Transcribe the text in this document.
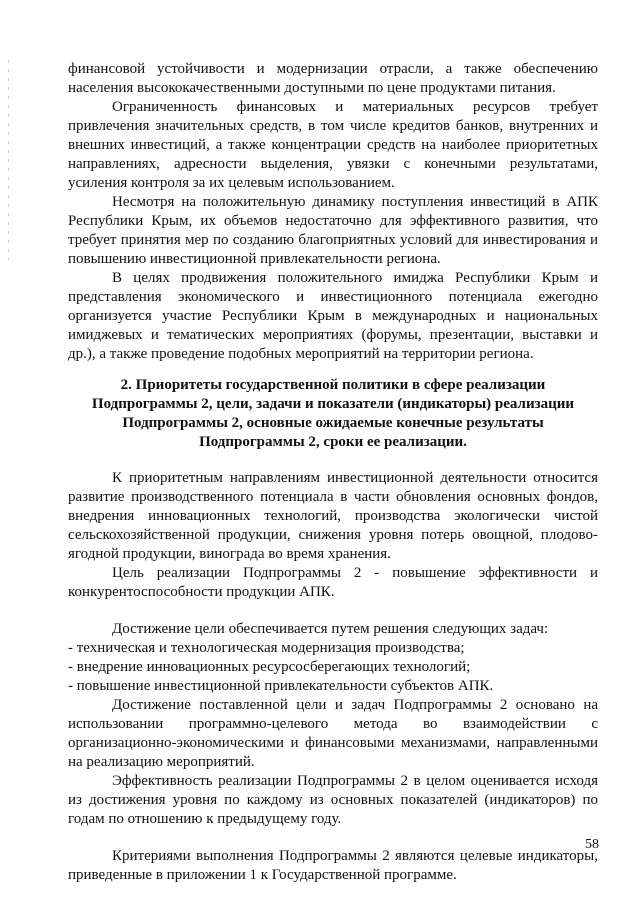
финансовой устойчивости и модернизации отрасли, а также обеспечению населения высококачественными доступными по цене продуктами питания.

Ограниченность финансовых и материальных ресурсов требует привлечения значительных средств, в том числе кредитов банков, внутренних и внешних инвестиций, а также концентрации средств на наиболее приоритетных направлениях, адресности выделения, увязки с конечными результатами, усиления контроля за их целевым использованием.

Несмотря на положительную динамику поступления инвестиций в АПК Республики Крым, их объемов недостаточно для эффективного развития, что требует принятия мер по созданию благоприятных условий для инвестирования и повышению инвестиционной привлекательности региона.

В целях продвижения положительного имиджа Республики Крым и представления экономического и инвестиционного потенциала ежегодно организуется участие Республики Крым в международных и национальных имиджевых и тематических мероприятиях (форумы, презентации, выставки и др.), а также проведение подобных мероприятий на территории региона.

2. Приоритеты государственной политики в сфере реализации Подпрограммы 2, цели, задачи и показатели (индикаторы) реализации Подпрограммы 2, основные ожидаемые конечные результаты Подпрограммы 2, сроки ее реализации.

К приоритетным направлениям инвестиционной деятельности относится развитие производственного потенциала в части обновления основных фондов, внедрения инновационных технологий, производства экологически чистой сельскохозяйственной продукции, снижения уровня потерь овощной, плодово-ягодной продукции, винограда во время хранения.

Цель реализации Подпрограммы 2 - повышение эффективности и конкурентоспособности продукции АПК.

Достижение цели обеспечивается путем решения следующих задач:

- техническая и технологическая модернизация производства;
- внедрение инновационных ресурсосберегающих технологий;
- повышение инвестиционной привлекательности субъектов АПК.

Достижение поставленной цели и задач Подпрограммы 2 основано на использовании программно-целевого метода во взаимодействии с организационно-экономическими и финансовыми механизмами, направленными на реализацию мероприятий.

Эффективность реализации Подпрограммы 2 в целом оценивается исходя из достижения уровня по каждому из основных показателей (индикаторов) по годам по отношению к предыдущему году.

Критериями выполнения Подпрограммы 2 являются целевые индикаторы, приведенные в приложении 1 к Государственной программе.

58
